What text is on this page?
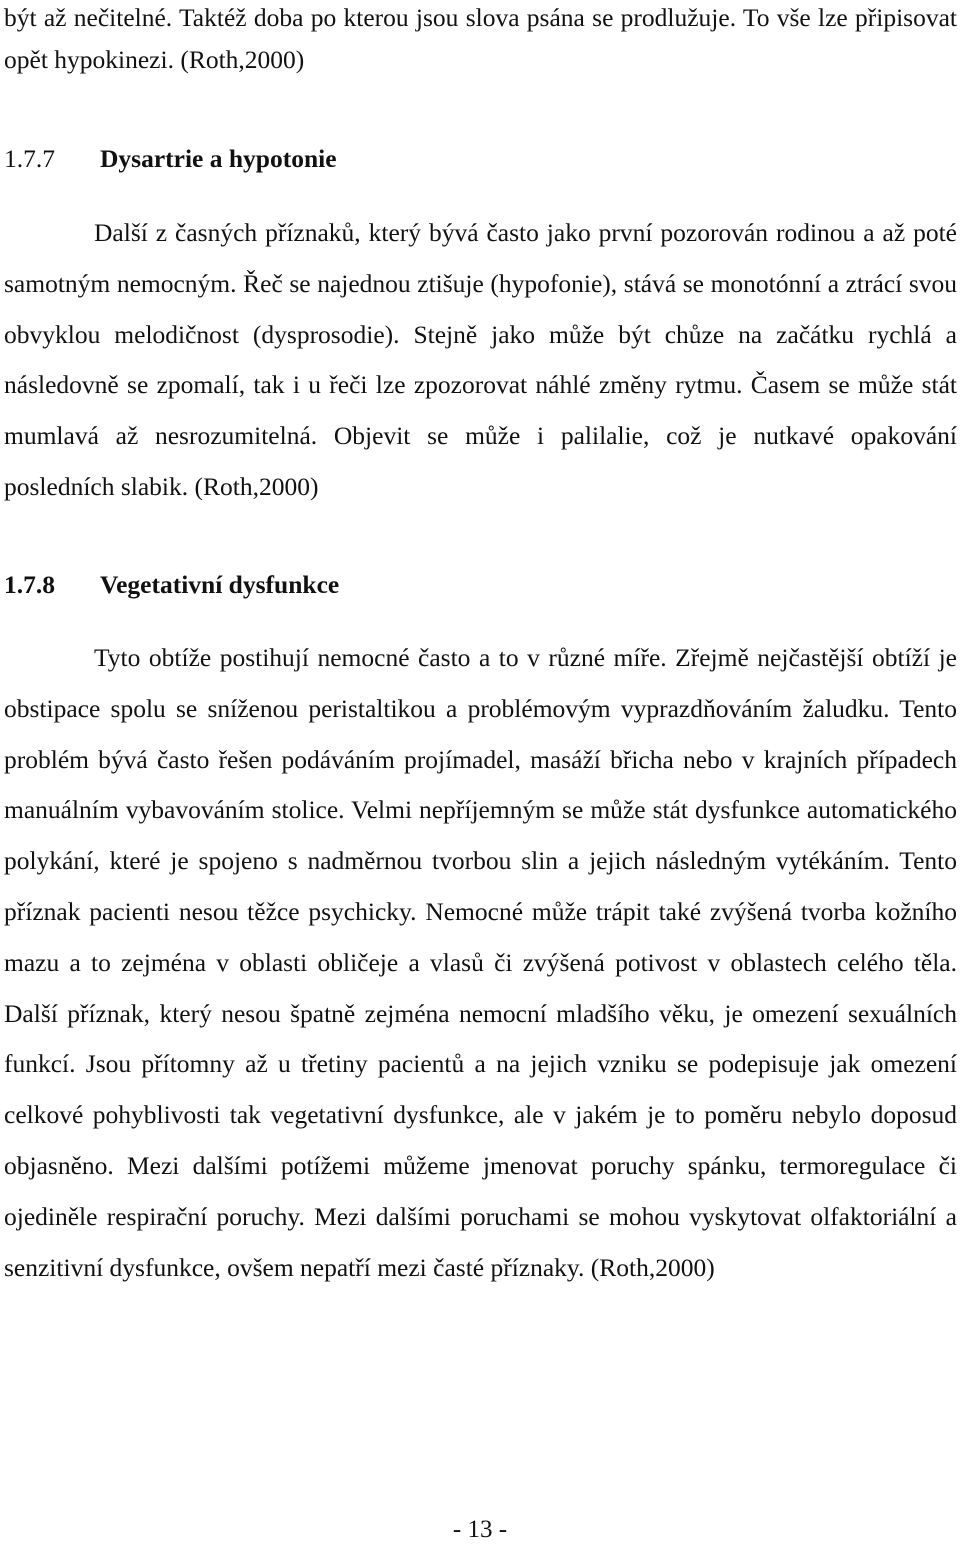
být až nečitelné. Taktéž doba po kterou jsou slova psána se prodlužuje. To vše lze připisovat opět hypokinezi. (Roth,2000)

1.7.7 Dysartrie a hypotonie

Další z časných příznaků, který bývá často jako první pozorován rodinou a až poté samotným nemocným. Řeč se najednou ztišuje (hypofonie), stává se monotónní a ztrácí svou obvyklou melodičnost (dysprosodie). Stejně jako může být chůze na začátku rychlá a následovně se zpomalí, tak i u řeči lze zpozorovat náhlé změny rytmu. Časem se může stát mumlavá až nesrozumitelná. Objevit se může i palilalie, což je nutkavé opakování posledních slabik. (Roth,2000)

1.7.8 Vegetativní dysfunkce

Tyto obtíže postihují nemocné často a to v různé míře. Zřejmě nejčastější obtíží je obstipace spolu se sníženou peristaltikou a problémovým vyprazdňováním žaludku. Tento problém bývá často řešen podáváním projímadel, masáží břicha nebo v krajních případech manuálním vybavováním stolice. Velmi nepříjemným se může stát dysfunkce automatického polykání, které je spojeno s nadměrnou tvorbou slin a jejich následným vytékáním. Tento příznak pacienti nesou těžce psychicky. Nemocné může trápit také zvýšená tvorba kožního mazu a to zejména v oblasti obličeje a vlasů či zvýšená potivost v oblastech celého těla. Další příznak, který nesou špatně zejména nemocní mladšího věku, je omezení sexuálních funkcí. Jsou přítomny až u třetiny pacientů a na jejich vzniku se podepisuje jak omezení celkové pohyblivosti tak vegetativní dysfunkce, ale v jakém je to poměru nebylo doposud objasněno. Mezi dalšími potížemi můžeme jmenovat poruchy spánku, termoregulace či ojediněle respirační poruchy. Mezi dalšími poruchami se mohou vyskytovat olfaktoriální a senzitivní dysfunkce, ovšem nepatří mezi časté příznaky. (Roth,2000)

- 13 -
